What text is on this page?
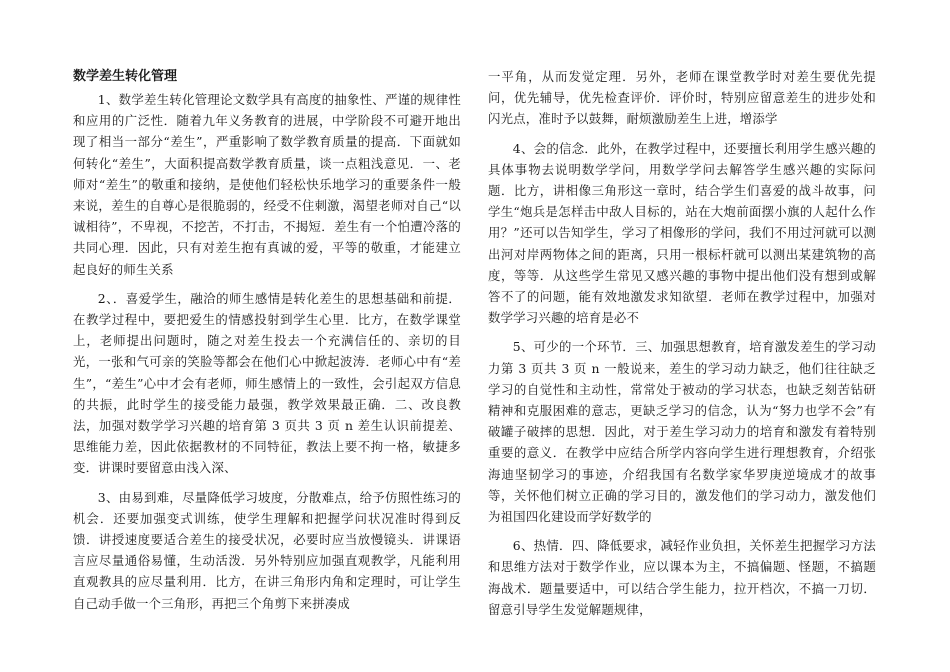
数学差生转化管理

1、数学差生转化管理论文数学具有高度的抽象性、严谨的规律性和应用的广泛性．随着九年义务教育的进展，中学阶段不可避开地出现了相当一部分“差生”，严重影响了数学教育质量的提高．下面就如何转化“差生”，大面积提高数学教育质量，谈一点粗浅意见．一、老师对“差生”的敬重和接纳，是使他们轻松快乐地学习的重要条件一般来说，差生的自尊心是很脆弱的，经受不住刺激，渴望老师对自己“以诚相待”，不卑视，不挖苦，不打击，不揭短．差生有一个怕遭冷落的共同心理．因此，只有对差生抱有真诚的爱，平等的敬重，才能建立起良好的师生关系

2、．喜爱学生，融洽的师生感情是转化差生的思想基础和前提．在教学过程中，要把爱生的情感投射到学生心里．比方，在数学课堂上，老师提出问题时，随之对差生投去一个充满信任的、亲切的目光，一张和气可亲的笑脸等都会在他们心中掀起波涛．老师心中有“差生”，“差生”心中才会有老师，师生感情上的一致性，会引起双方信息的共振，此时学生的接受能力最强，教学效果最正确．二、改良教法，加强对数学学习兴趣的培育第 3 页共 3 页 n 差生认识前提差、思维能力差，因此依据教材的不同特征，教法上要不拘一格，敏捷多变．讲课时要留意由浅入深、

3、由易到难，尽量降低学习坡度，分散难点，给予仿照性练习的机会．还要加强变式训练，使学生理解和把握学问状况准时得到反馈．讲授速度要适合差生的接受状况，必要时应当放慢镜头．讲课语言应尽量通俗易懂，生动活泼．另外特别应加强直观教学，凡能利用直观教具的应尽量利用．比方，在讲三角形内角和定理时，可让学生自己动手做一个三角形，再把三个角剪下来拼凑成

一平角，从而发觉定理．另外，老师在课堂教学时对差生要优先提问，优先辅导，优先检查评价．评价时，特别应留意差生的进步处和闪光点，准时予以鼓舞，耐烦激励差生上进，增添学

4、会的信念．此外，在教学过程中，还要擅长利用学生感兴趣的具体事物去说明数学学问，用数学学问去解答学生感兴趣的实际问题．比方，讲相像三角形这一章时，结合学生们喜爱的战斗故事，问学生“炮兵是怎样击中敌人目标的，站在大炮前面摆小旗的人起什么作用？”还可以告知学生，学习了相像形的学问，我们不用过河就可以测出河对岸两物体之间的距离，只用一根标杆就可以测出某建筑物的高度，等等．从这些学生常见又感兴趣的事物中提出他们没有想到或解答不了的问题，能有效地激发求知欲望．老师在教学过程中，加强对数学学习兴趣的培育是必不

5、可少的一个环节．三、加强思想教育，培育激发差生的学习动力第 3 页共 3 页 n 一般说来，差生的学习动力缺乏，他们往往缺乏学习的自觉性和主动性，常常处于被动的学习状态，也缺乏刻苦钻研精神和克服困难的意志，更缺乏学习的信念，认为“努力也学不会”有破罐子破摔的思想．因此，对于差生学习动力的培育和激发有着特别重要的意义．在教学中应结合所学内容向学生进行理想教育，介绍张海迪坚韧学习的事迹，介绍我国有名数学家华罗庚逆境成才的故事等，关怀他们树立正确的学习目的，激发他们的学习动力，激发他们为祖国四化建设而学好数学的

6、热情．四、降低要求，减轻作业负担，关怀差生把握学习方法和思维方法对于数学作业，应以课本为主，不搞偏题、怪题，不搞题海战术．题量要适中，可以结合学生能力，拉开档次，不搞一刀切．留意引导学生发觉解题规律，
